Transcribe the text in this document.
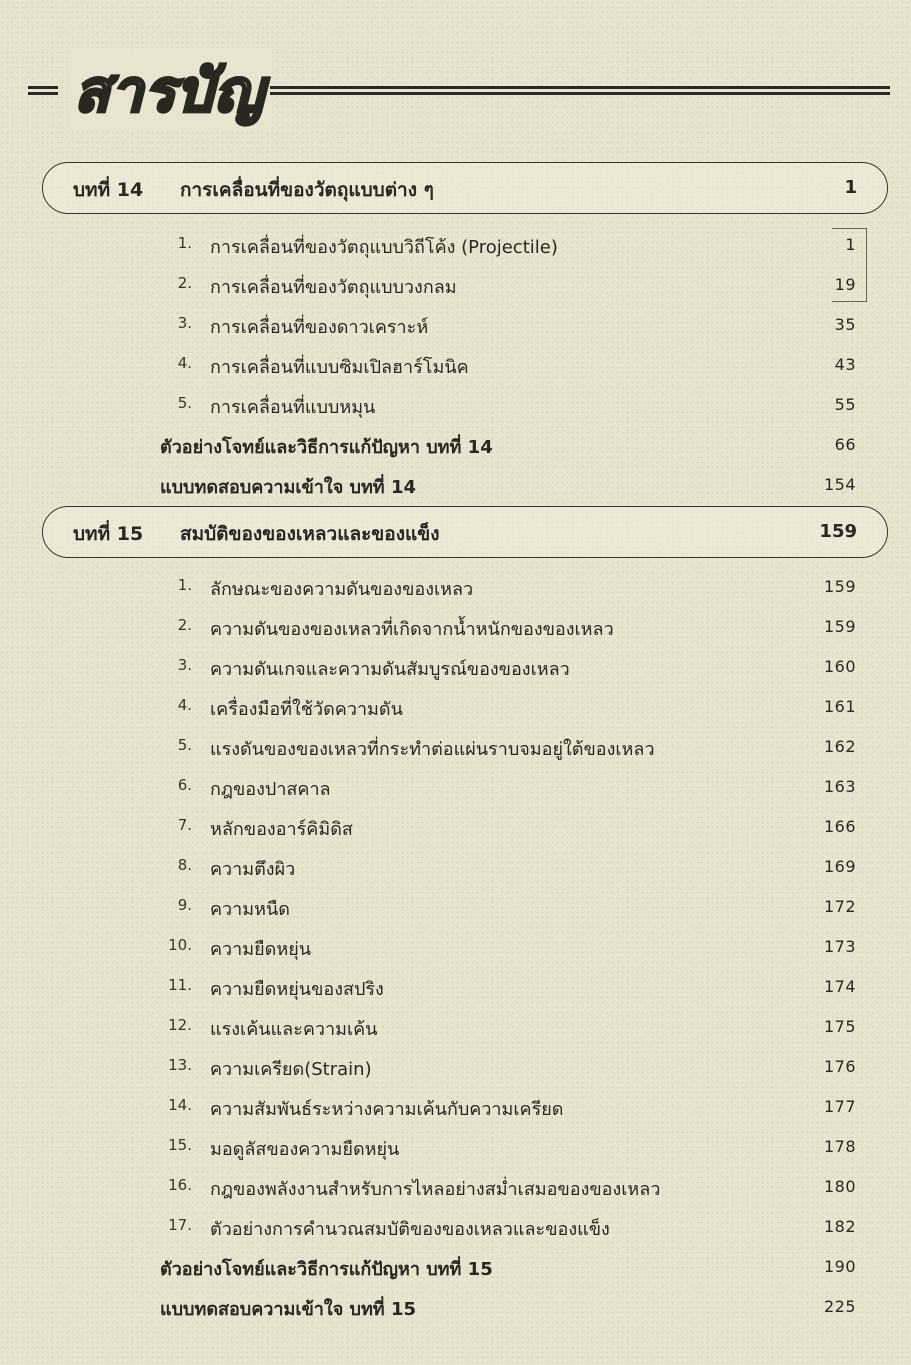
สารบัญ
บทที่ 14 การเคลื่อนที่ของวัตถุแบบต่าง ๆ	1
1. การเคลื่อนที่ของวัตถุแบบวิถีโค้ง (Projectile)	1
2. การเคลื่อนที่ของวัตถุแบบวงกลม	19
3. การเคลื่อนที่ของดาวเคราะห์	35
4. การเคลื่อนที่แบบซิมเปิลฮาร์โมนิค	43
5. การเคลื่อนที่แบบหมุน	55
ตัวอย่างโจทย์และวิธีการแก้ปัญหา บทที่ 14	66
แบบทดสอบความเข้าใจ บทที่ 14	154
บทที่ 15 สมบัติของของเหลวและของแข็ง	159
1. ลักษณะของความดันของของเหลว	159
2. ความดันของของเหลวที่เกิดจากน้ำหนักของของเหลว	159
3. ความดันเกจและความดันสัมบูรณ์ของของเหลว	160
4. เครื่องมือที่ใช้วัดความดัน	161
5. แรงดันของของเหลวที่กระทำต่อแผ่นราบจมอยู่ใต้ของเหลว	162
6. กฎของปาสคาล	163
7. หลักของอาร์คิมิดิส	166
8. ความตึงผิว	169
9. ความหนืด	172
10. ความยืดหยุ่น	173
11. ความยืดหยุ่นของสปริง	174
12. แรงเค้นและความเค้น	175
13. ความเครียด(Strain)	176
14. ความสัมพันธ์ระหว่างความเค้นกับความเครียด	177
15. มอดูลัสของความยืดหยุ่น	178
16. กฎของพลังงานสำหรับการไหลอย่างสม่ำเสมอของของเหลว	180
17. ตัวอย่างการคำนวณสมบัติของของเหลวและของแข็ง	182
ตัวอย่างโจทย์และวิธีการแก้ปัญหา บทที่ 15	190
แบบทดสอบความเข้าใจ บทที่ 15	225
